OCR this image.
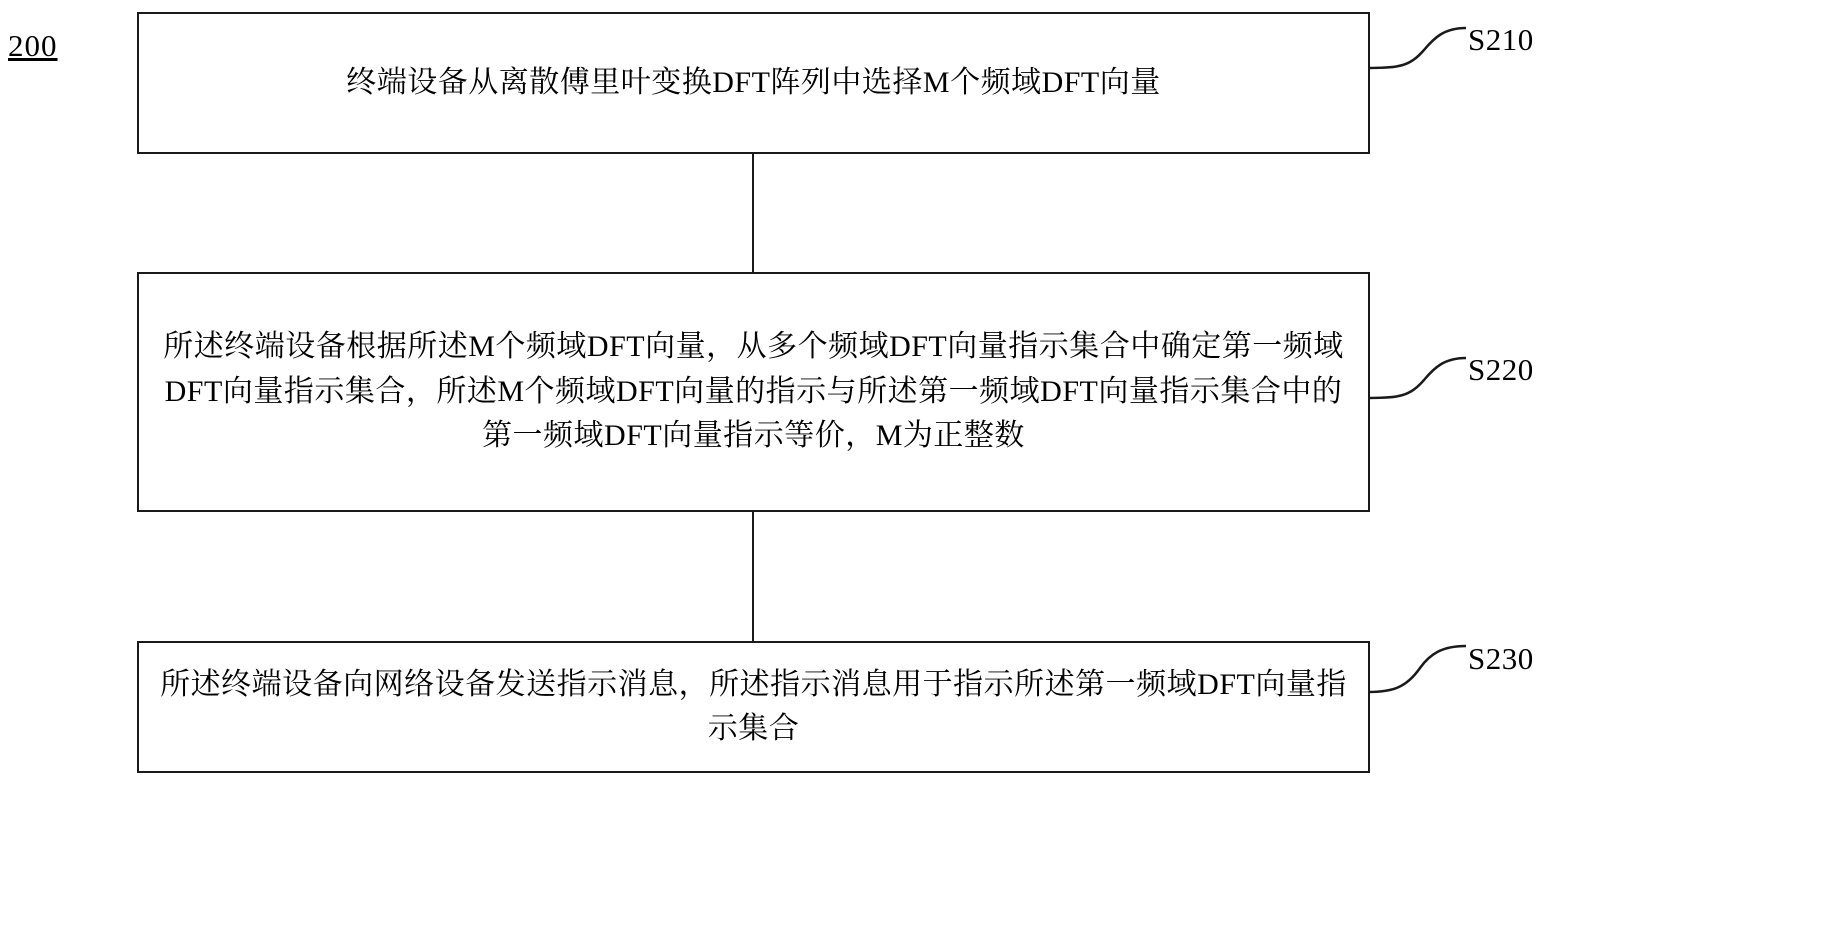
200
终端设备从离散傅里叶变换DFT阵列中选择M个频域DFT向量
所述终端设备根据所述M个频域DFT向量，从多个频域DFT向量指示集合中确定第一频域DFT向量指示集合，所述M个频域DFT向量的指示与所述第一频域DFT向量指示集合中的第一频域DFT向量指示等价，M为正整数
所述终端设备向网络设备发送指示消息，所述指示消息用于指示所述第一频域DFT向量指示集合
S210
S220
S230
